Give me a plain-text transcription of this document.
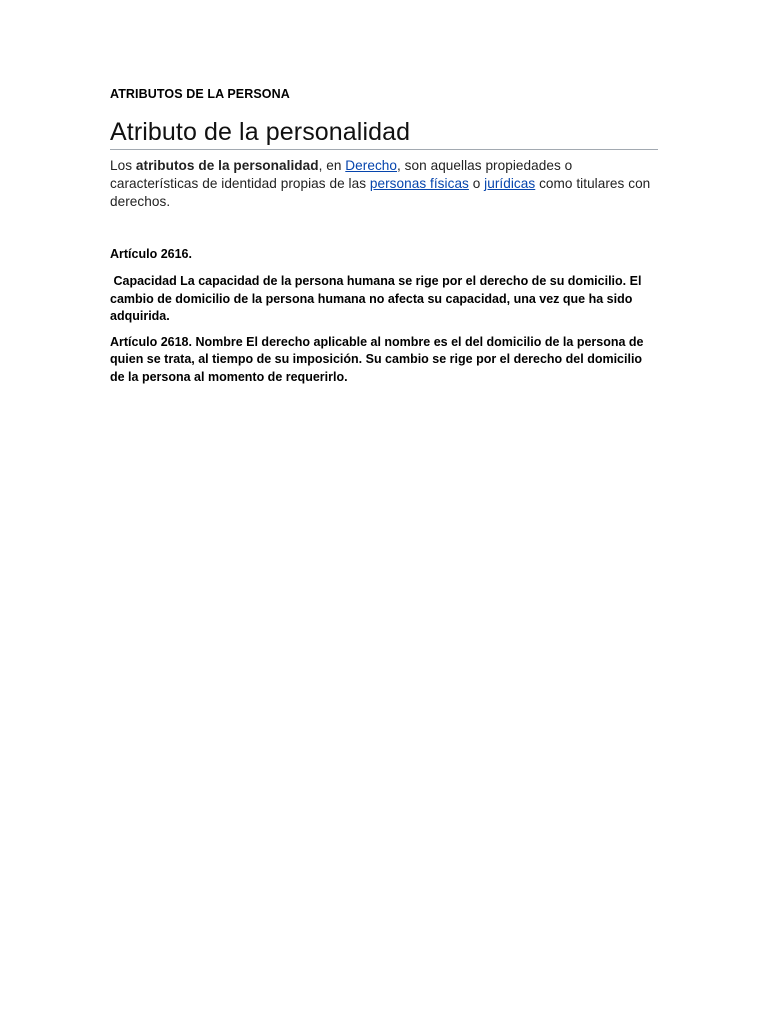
ATRIBUTOS DE LA PERSONA

Atributo de la personalidad

Los atributos de la personalidad, en Derecho, son aquellas propiedades o características de identidad propias de las personas físicas o jurídicas como titulares con derechos.

Artículo 2616.

Capacidad La capacidad de la persona humana se rige por el derecho de su domicilio. El cambio de domicilio de la persona humana no afecta su capacidad, una vez que ha sido adquirida.

Artículo 2618. Nombre El derecho aplicable al nombre es el del domicilio de la persona de quien se trata, al tiempo de su imposición. Su cambio se rige por el derecho del domicilio de la persona al momento de requerirlo.
